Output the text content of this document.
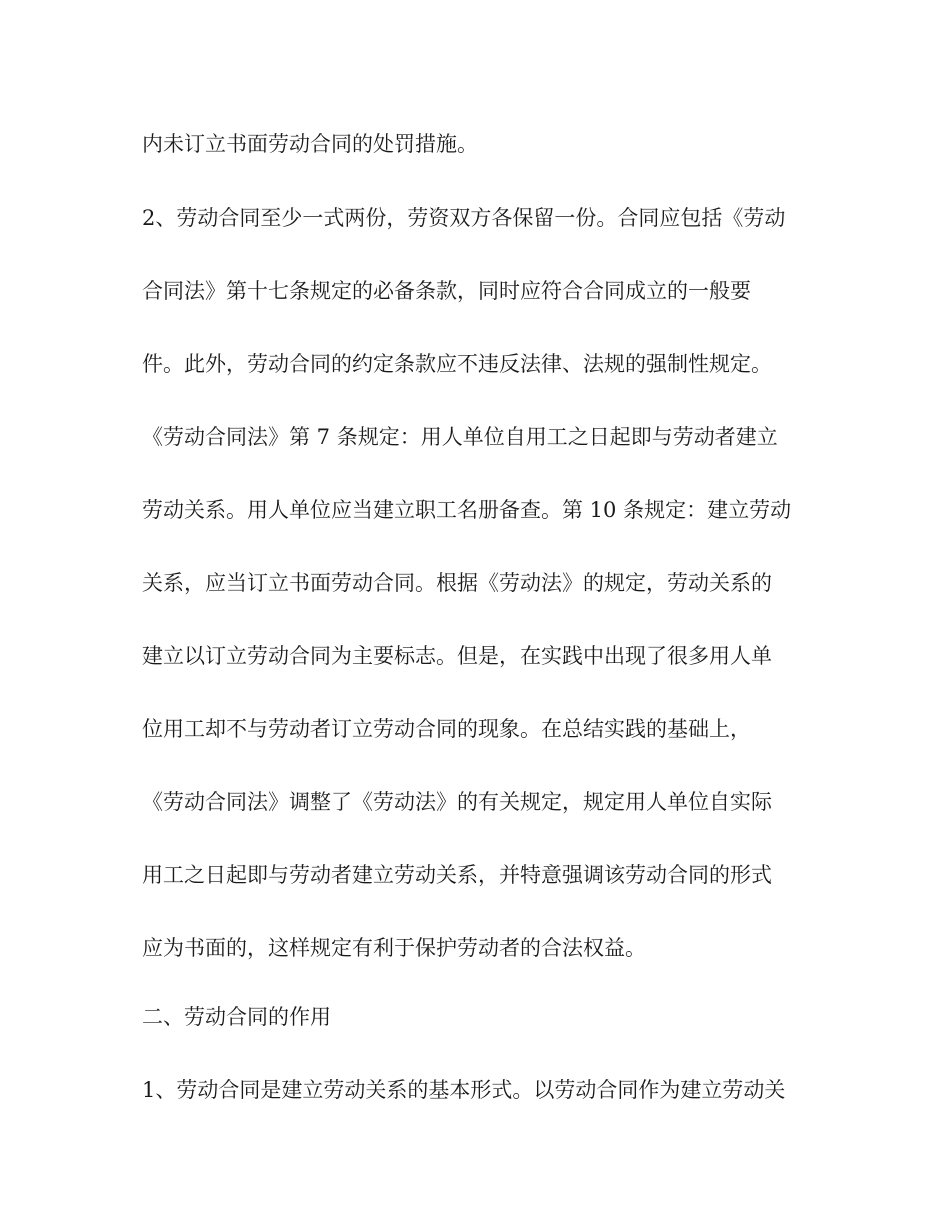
内未订立书面劳动合同的处罚措施。

2、劳动合同至少一式两份，劳资双方各保留一份。合同应包括《劳动

合同法》第十七条规定的必备条款，同时应符合合同成立的一般要

件。此外，劳动合同的约定条款应不违反法律、法规的强制性规定。

《劳动合同法》第 7 条规定：用人单位自用工之日起即与劳动者建立

劳动关系。用人单位应当建立职工名册备查。第 10 条规定：建立劳动

关系，应当订立书面劳动合同。根据《劳动法》的规定，劳动关系的

建立以订立劳动合同为主要标志。但是，在实践中出现了很多用人单

位用工却不与劳动者订立劳动合同的现象。在总结实践的基础上，

《劳动合同法》调整了《劳动法》的有关规定，规定用人单位自实际

用工之日起即与劳动者建立劳动关系，并特意强调该劳动合同的形式

应为书面的，这样规定有利于保护劳动者的合法权益。

二、劳动合同的作用

1、劳动合同是建立劳动关系的基本形式。以劳动合同作为建立劳动关
